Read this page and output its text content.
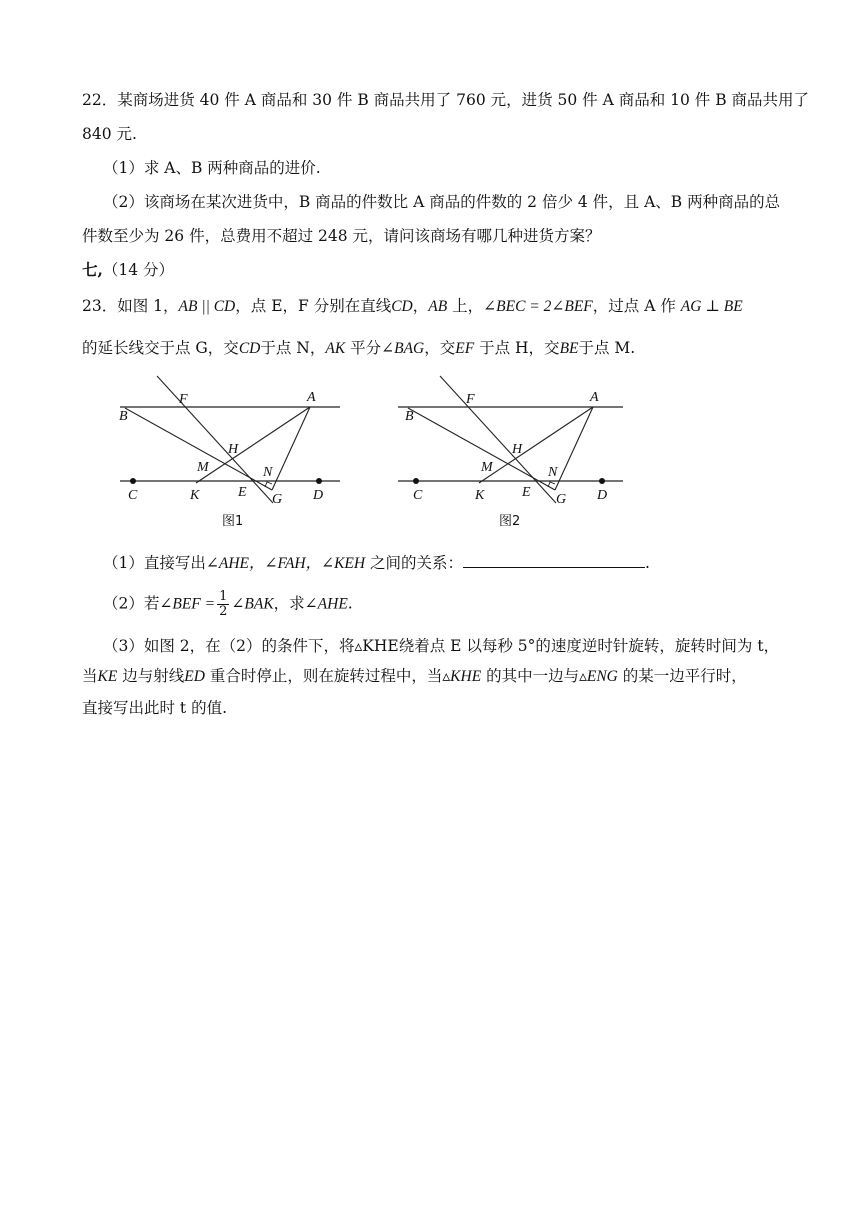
22．某商场进货 40 件 A 商品和 30 件 B 商品共用了 760 元，进货 50 件 A 商品和 10 件 B 商品共用了
840 元.
（1）求 A、B 两种商品的进价.
（2）该商场在某次进货中，B 商品的件数比 A 商品的件数的 2 倍少 4 件，且 A、B 两种商品的总
件数至少为 26 件，总费用不超过 248 元，请问该商场有哪几种进货方案？
七,（14 分）
23．如图 1，AB || CD，点 E，F 分别在直线CD，AB 上，∠BEC = 2∠BEF，过点 A 作 AG ⊥ BE
的延长线交于点 G，交CD于点 N，AK 平分∠BAG，交EF 于点 H，交BE于点 M.
F	A
B
H
M	N
C	K	E G D
图1
F	A
B
H
M	N
C	K	E G D
图2
（1）直接写出∠AHE，∠FAH，∠KEH 之间的关系：	.
（2）若∠BEF = $\frac{1}{2}$ ∠BAK，求∠AHE.
（3）如图 2，在（2）的条件下，将▵KHE绕着点 E 以每秒 5°的速度逆时针旋转，旋转时间为 t，
当KE 边与射线ED 重合时停止，则在旋转过程中，当▵KHE 的其中一边与▵ENG 的某一边平行时，
直接写出此时 t 的值.
